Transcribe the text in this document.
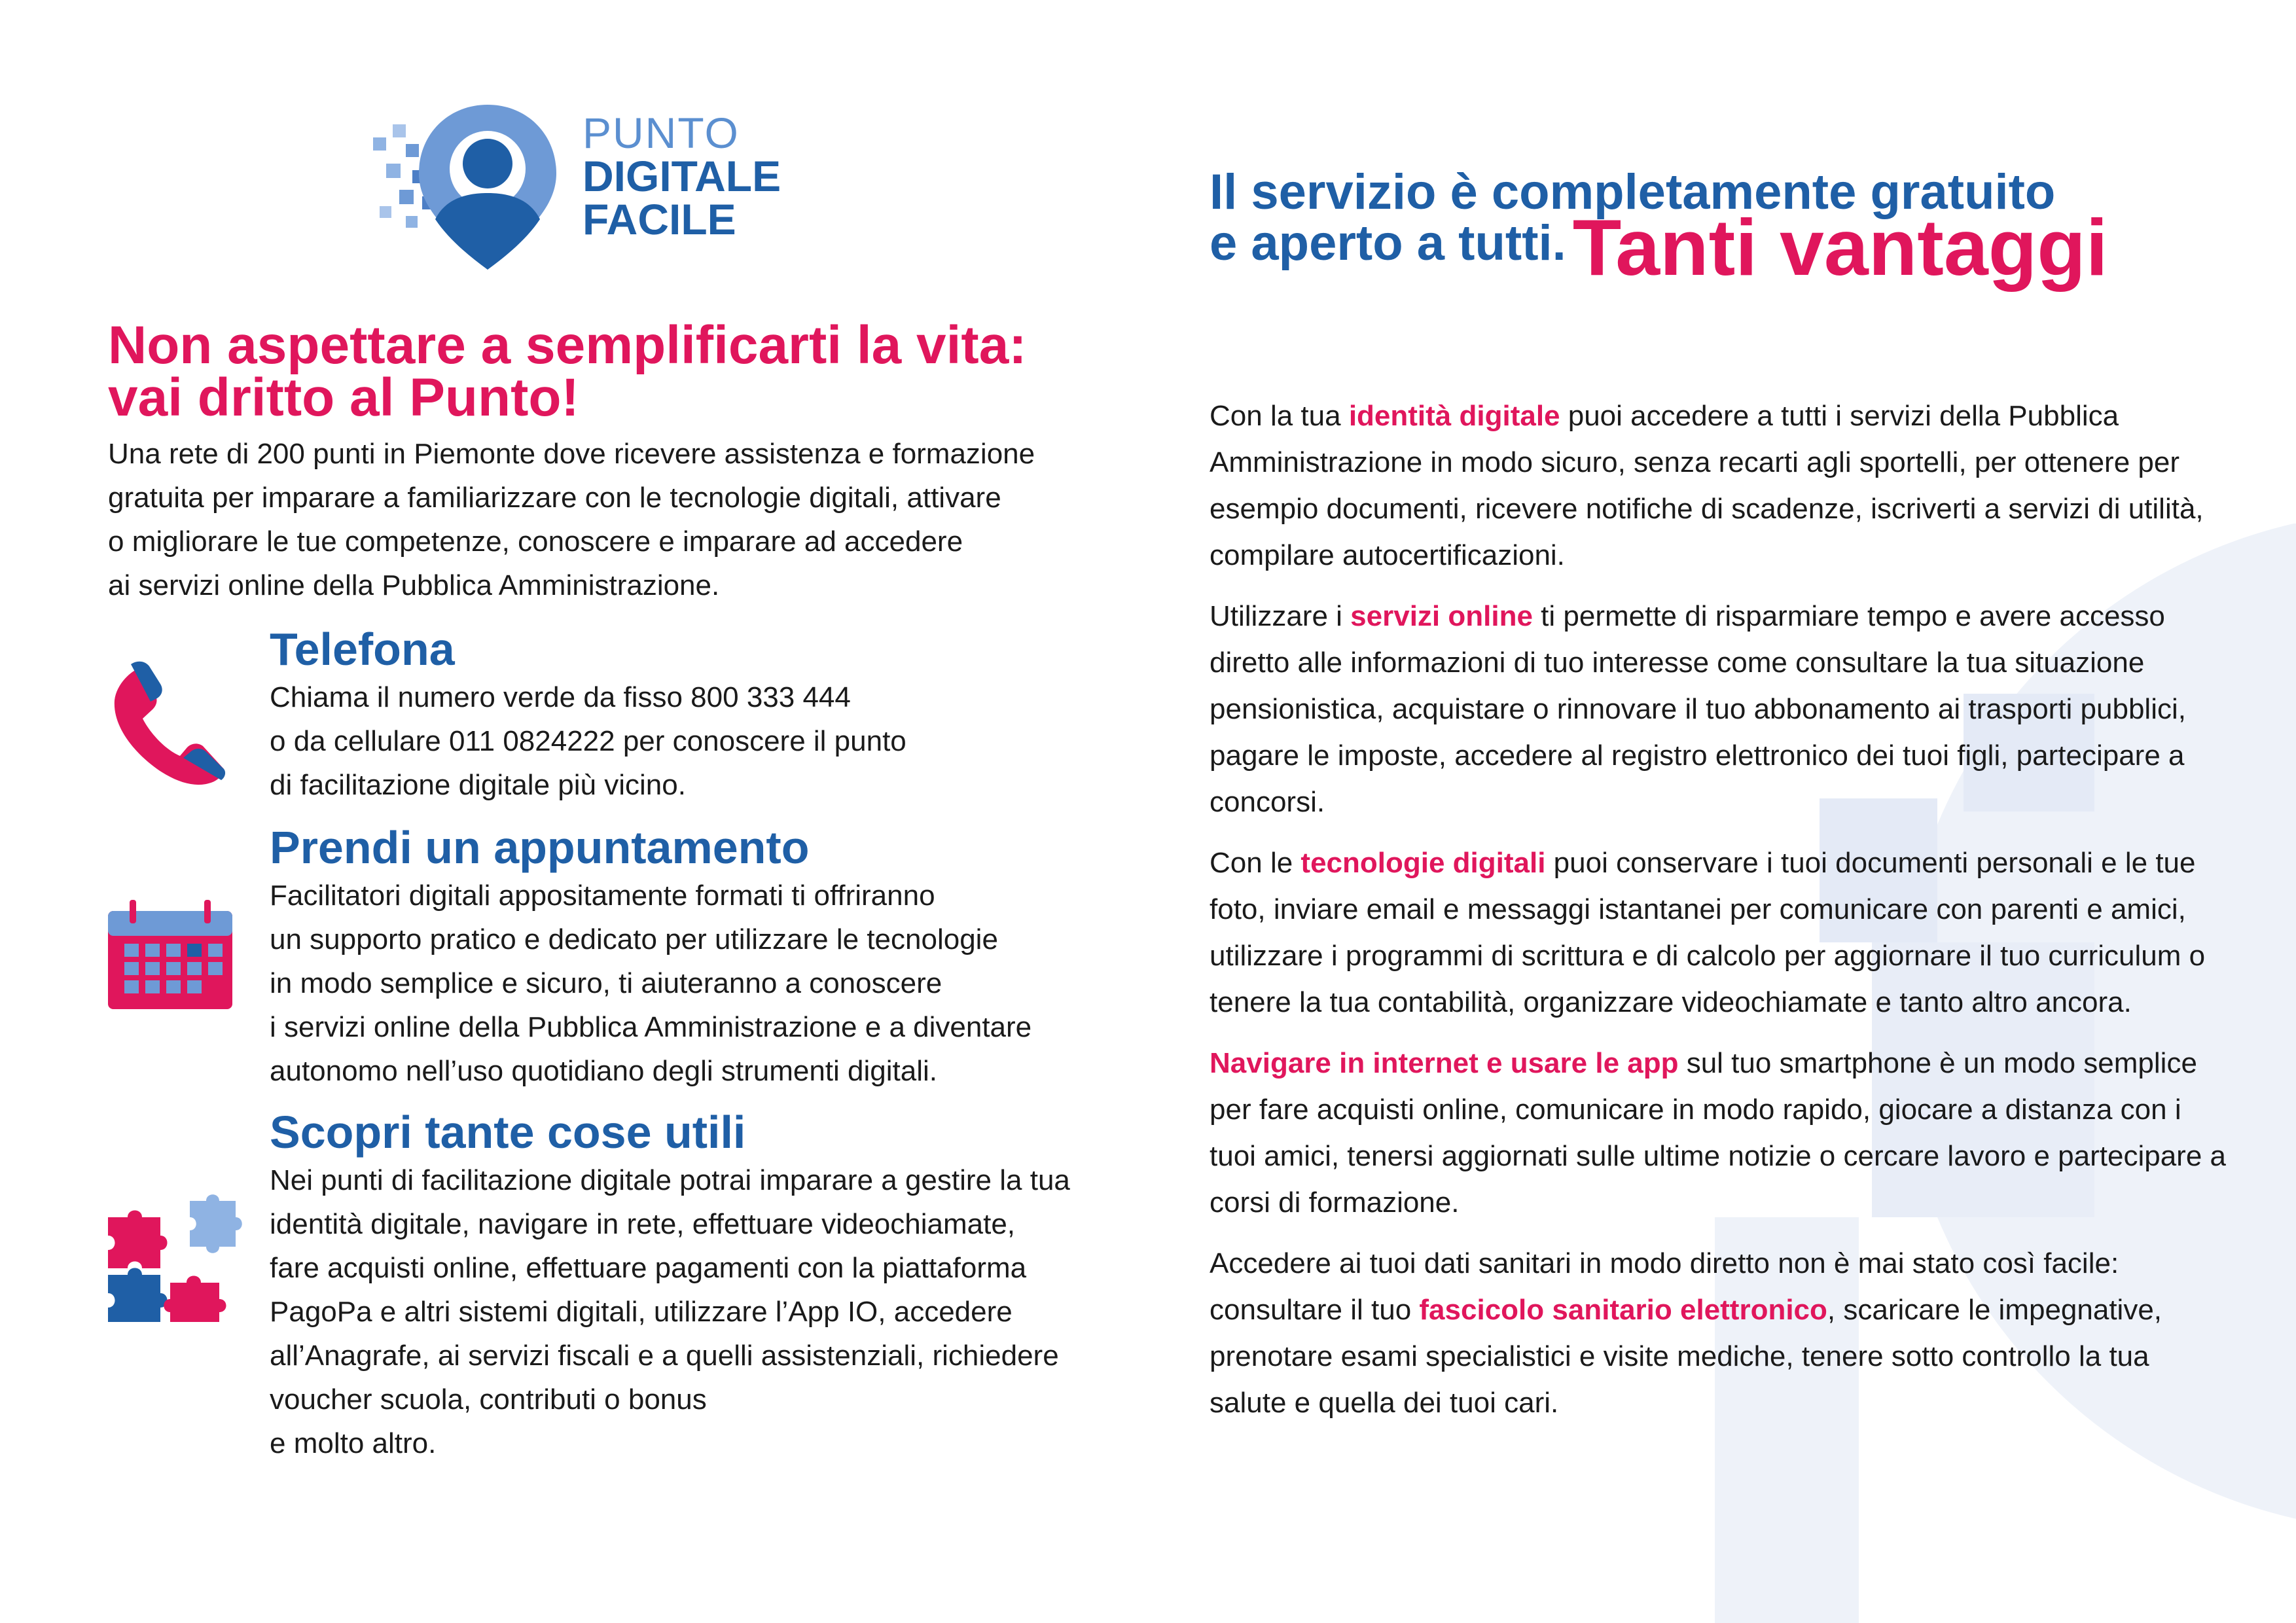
PUNTO
DIGITALE
FACILE
Non aspettare a semplificarti la vita:
vai dritto al Punto!
Una rete di 200 punti in Piemonte dove ricevere assistenza e formazione
gratuita per imparare a familiarizzare con le tecnologie digitali, attivare
o migliorare le tue competenze, conoscere e imparare ad accedere
ai servizi online della Pubblica Amministrazione.
Telefona
Chiama il numero verde da fisso 800 333 444
o da cellulare 011 0824222 per conoscere il punto
di facilitazione digitale più vicino.
Prendi un appuntamento
Facilitatori digitali appositamente formati ti offriranno
un supporto pratico e dedicato per utilizzare le tecnologie
in modo semplice e sicuro, ti aiuteranno a conoscere
i servizi online della Pubblica Amministrazione e a diventare
autonomo nell’uso quotidiano degli strumenti digitali.
Scopri tante cose utili
Nei punti di facilitazione digitale potrai imparare a gestire la tua
identità digitale, navigare in rete, effettuare videochiamate,
fare acquisti online, effettuare pagamenti con la piattaforma
PagoPa e altri sistemi digitali, utilizzare l’App IO, accedere
all’Anagrafe, ai servizi fiscali e a quelli assistenziali, richiedere
voucher scuola, contributi o bonus
e molto altro.
Il servizio è completamente gratuito
e aperto a tutti.Tanti vantaggi

Con la tua identità digitale puoi accedere a tutti i servizi della Pubblica Amministrazione in modo sicuro, senza recarti agli sportelli, per ottenere per esempio documenti, ricevere notifiche di scadenze, iscriverti a servizi di utilità, compilare autocertificazioni.

Utilizzare i servizi online ti permette di risparmiare tempo e avere accesso diretto alle informazioni di tuo interesse come consultare la tua situazione pensionistica, acquistare o rinnovare il tuo abbonamento ai trasporti pubblici, pagare le imposte, accedere al registro elettronico dei tuoi figli, partecipare a concorsi.

Con le tecnologie digitali puoi conservare i tuoi documenti personali e le tue foto, inviare email e messaggi istantanei per comunicare con parenti e amici, utilizzare i programmi di scrittura e di calcolo per aggiornare il tuo curriculum o tenere la tua contabilità, organizzare videochiamate e tanto altro ancora.

Navigare in internet e usare le app sul tuo smartphone è un modo semplice per fare acquisti online, comunicare in modo rapido, giocare a distanza con i tuoi amici, tenersi aggiornati sulle ultime notizie o cercare lavoro e partecipare a corsi di formazione.

Accedere ai tuoi dati sanitari in modo diretto non è mai stato così facile: consultare il tuo fascicolo sanitario elettronico, scaricare le impegnative, prenotare esami specialistici e visite mediche, tenere sotto controllo la tua salute e quella dei tuoi cari.
